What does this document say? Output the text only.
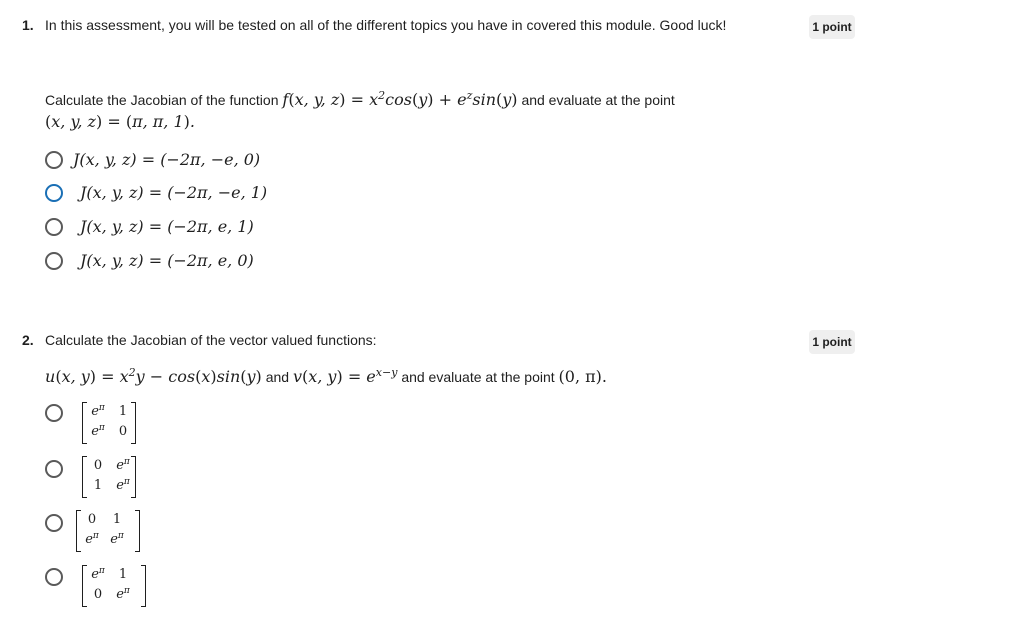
1. In this assessment, you will be tested on all of the different topics you have in covered this module. Good luck!	1 point
Calculate the Jacobian of the function f(x, y, $z) = x^2\cos(y) + e^z\sin(y)$ and evaluate at the point
(x, y, z) = (π, π, 1).
J(x, y, z) = (−2π, −e, 0)
J(x, y, z) = (−2π, −e, 1)
J(x, y, z) = (−2π, e, 1)
J(x, y, z) = (−2π, e, 0)
2. Calculate the Jacobian of the vector valued functions:	1 point
u(x, $y) = x^2y - \cos(x)\sin(y)$ and v(x, $y) = e^{x-y}$ and evaluate at the point (0, π).
$e^\pi$	1
$e^\pi$	0
0	$e^\pi$
1	$e^\pi$
0	1
$e^\pi$ $e^\pi$
$e^\pi$	1
0	$e^\pi$
